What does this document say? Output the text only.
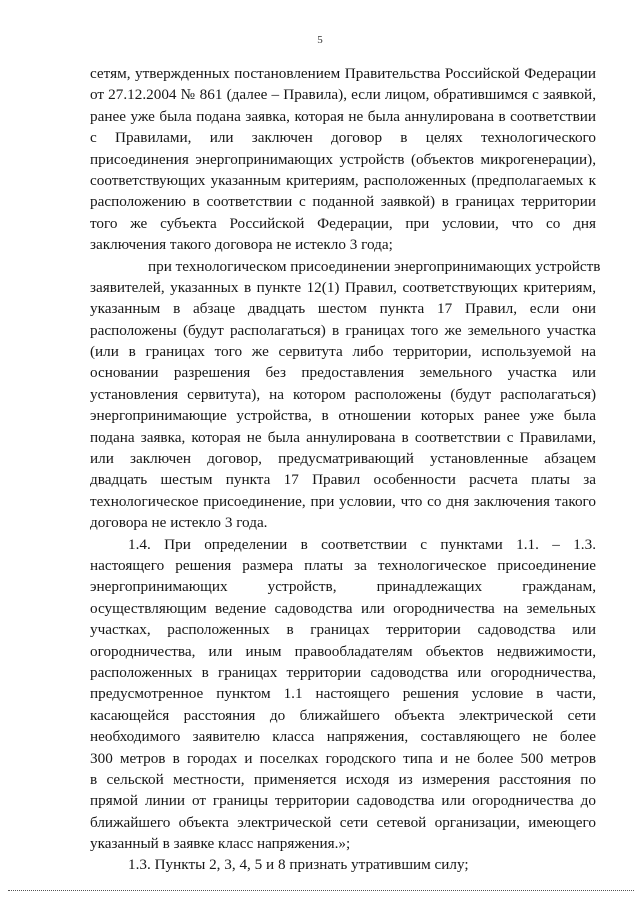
5
сетям, утвержденных постановлением Правительства Российской Федерации
от 27.12.2004 № 861 (далее – Правила), если лицом, обратившимся с заявкой,
ранее уже была подана заявка, которая не была аннулирована в соответствии
с Правилами, или заключен договор в целях технологического
присоединения энергопринимающих устройств (объектов микрогенерации),
соответствующих указанным критериям, расположенных (предполагаемых к
расположению в соответствии с поданной заявкой) в границах территории
того же субъекта Российской Федерации, при условии, что со дня
заключения такого договора не истекло 3 года;
при технологическом присоединении энергопринимающих устройств
заявителей, указанных в пункте 12(1) Правил, соответствующих критериям,
указанным в абзаце двадцать шестом пункта 17 Правил, если они
расположены (будут располагаться) в границах того же земельного участка
(или в границах того же сервитута либо территории, используемой на
основании разрешения без предоставления земельного участка или
установления сервитута), на котором расположены (будут располагаться)
энергопринимающие устройства, в отношении которых ранее уже была
подана заявка, которая не была аннулирована в соответствии с Правилами,
или заключен договор, предусматривающий установленные абзацем
двадцать шестым пункта 17 Правил особенности расчета платы за
технологическое присоединение, при условии, что со дня заключения такого
договора не истекло 3 года.
1.4. При определении в соответствии с пунктами 1.1. – 1.3.
настоящего решения размера платы за технологическое присоединение
энергопринимающих устройств, принадлежащих гражданам,
осуществляющим ведение садоводства или огородничества на земельных
участках, расположенных в границах территории садоводства или
огородничества, или иным правообладателям объектов недвижимости,
расположенных в границах территории садоводства или огородничества,
предусмотренное пунктом 1.1 настоящего решения условие в части,
касающейся расстояния до ближайшего объекта электрической сети
необходимого заявителю класса напряжения, составляющего не более
300 метров в городах и поселках городского типа и не более 500 метров
в сельской местности, применяется исходя из измерения расстояния по
прямой линии от границы территории садоводства или огородничества до
ближайшего объекта электрической сети сетевой организации, имеющего
указанный в заявке класс напряжения.»;
1.3. Пункты 2, 3, 4, 5 и 8 признать утратившим силу;
